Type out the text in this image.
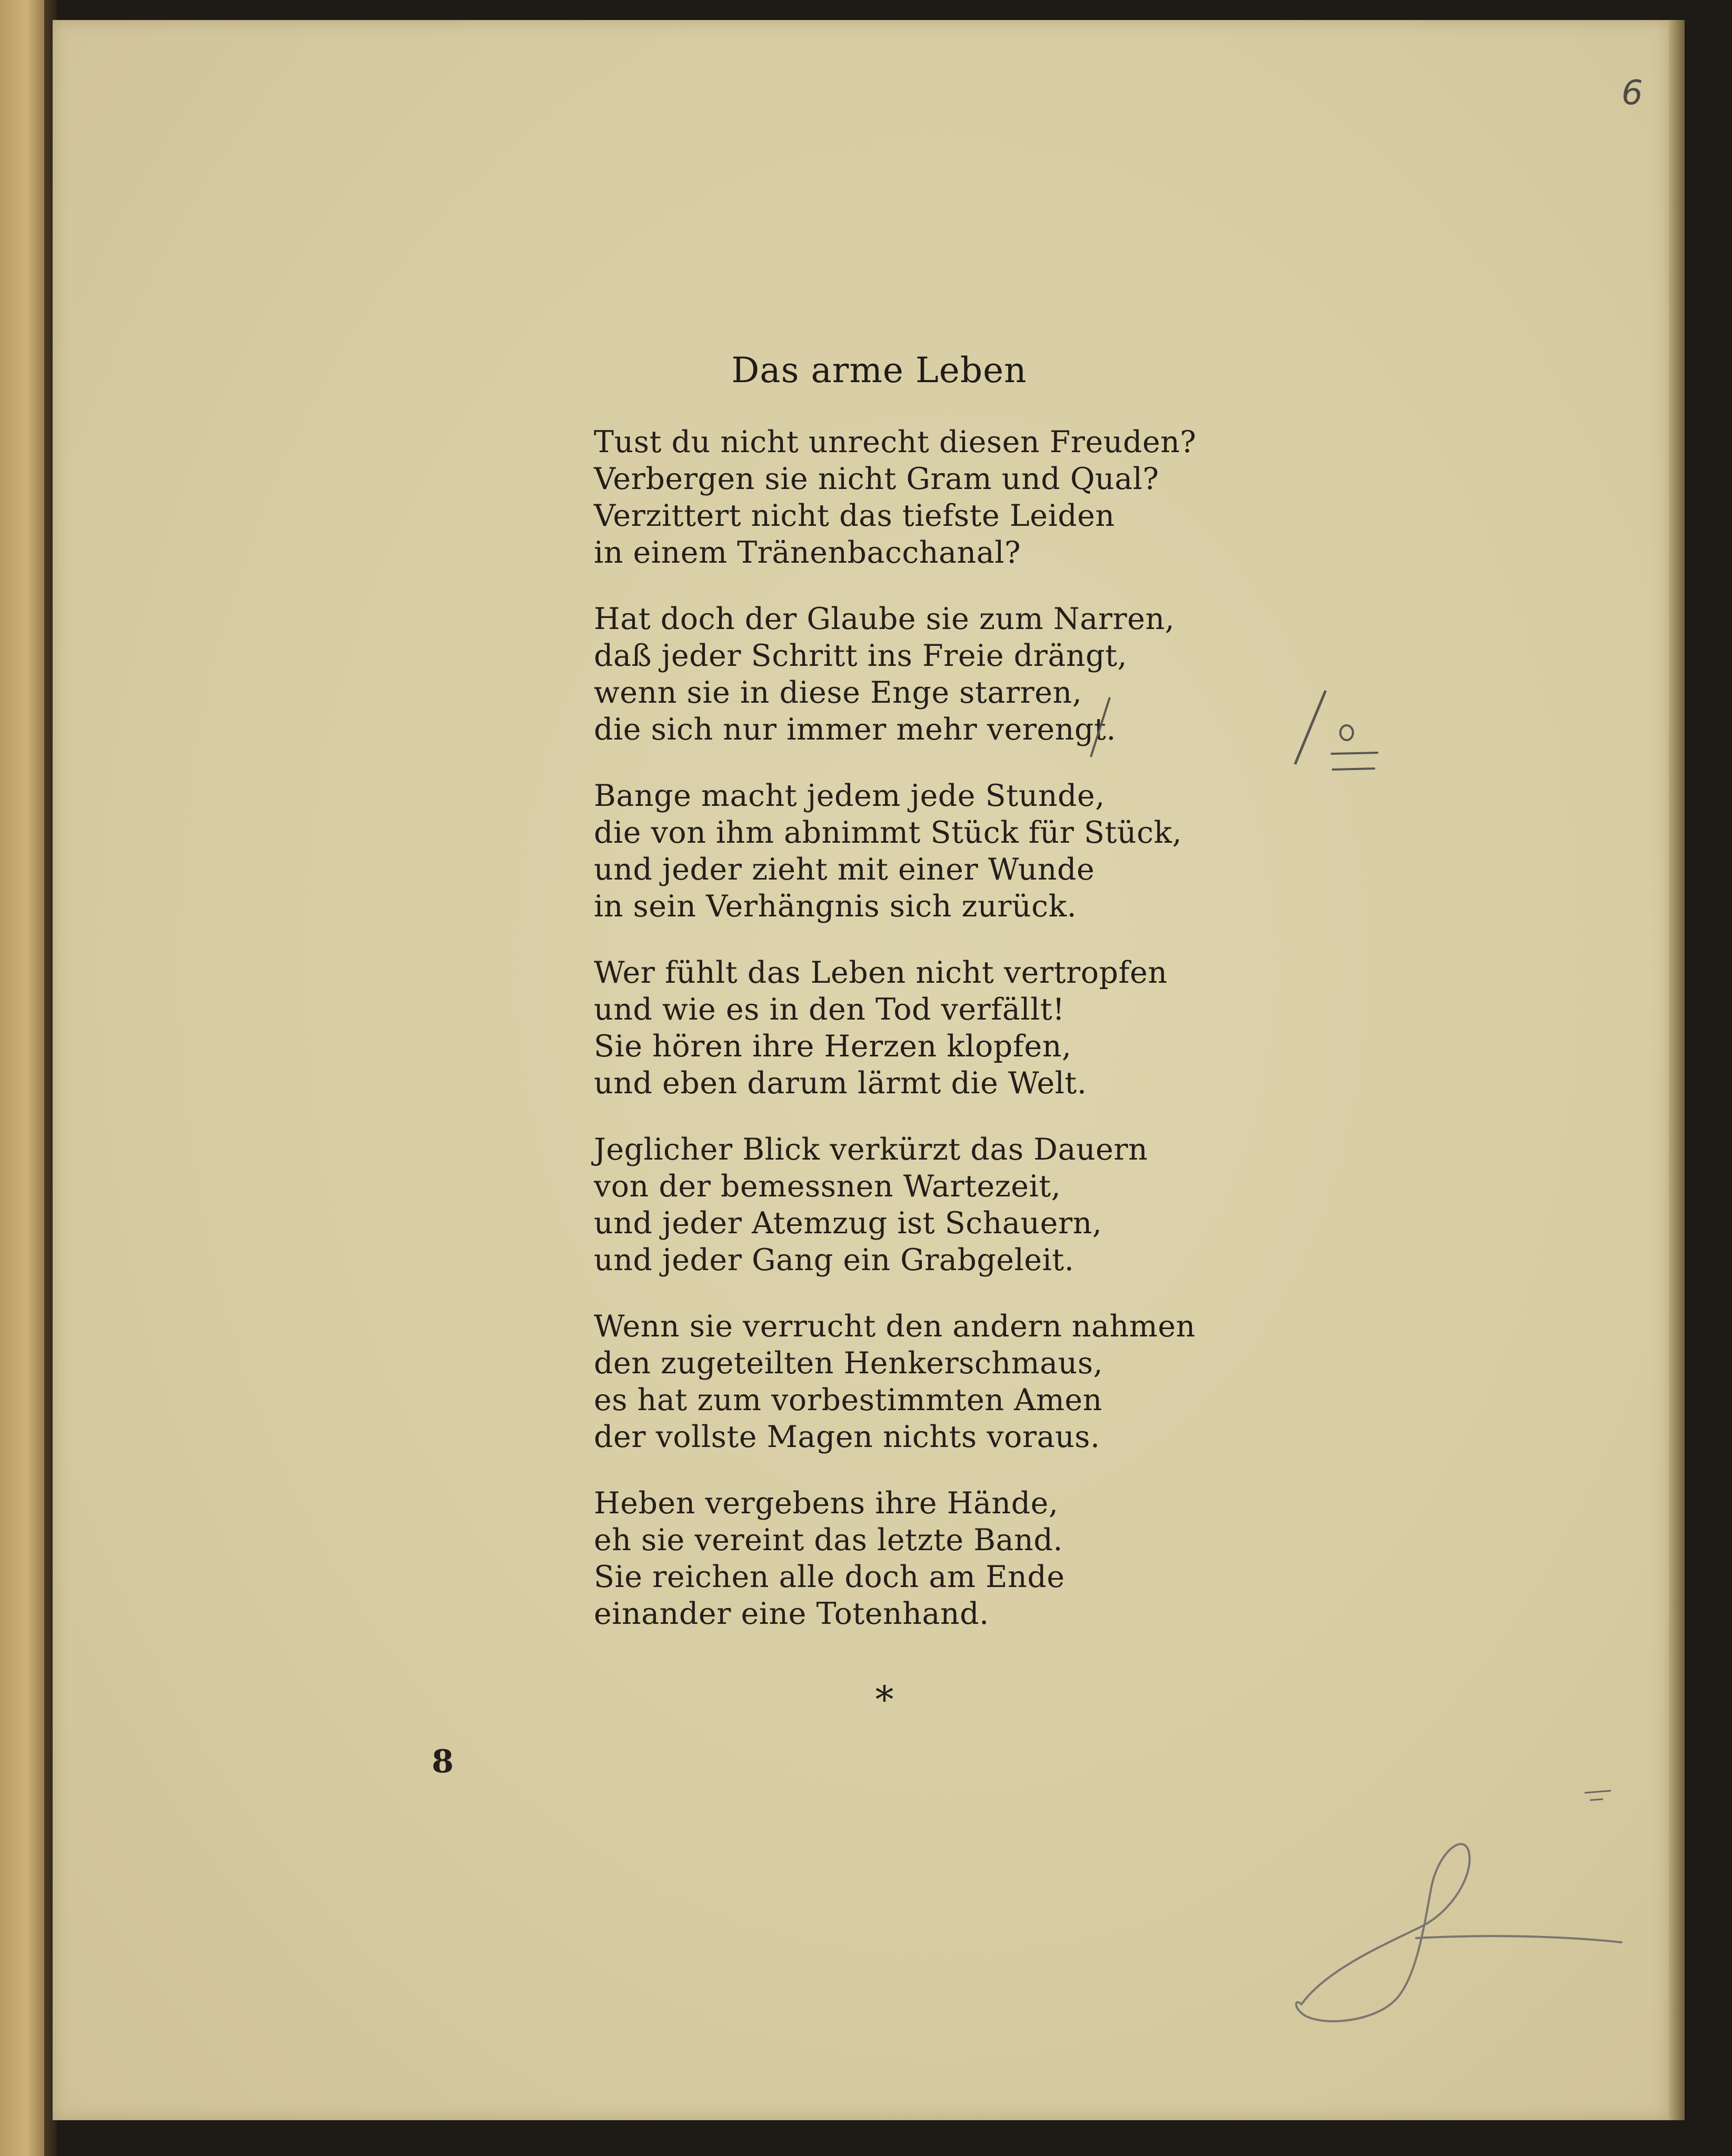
6
Das arme Leben
Tust du nicht unrecht diesen Freuden?
Verbergen sie nicht Gram und Qual?
Verzittert nicht das tiefste Leiden
in einem Tränenbacchanal?
Hat doch der Glaube sie zum Narren,
daß jeder Schritt ins Freie drängt,
wenn sie in diese Enge starren,
die sich nur immer mehr verengt.
Bange macht jedem jede Stunde,
die von ihm abnimmt Stück für Stück,
und jeder zieht mit einer Wunde
in sein Verhängnis sich zurück.
Wer fühlt das Leben nicht vertropfen
und wie es in den Tod verfällt!
Sie hören ihre Herzen klopfen,
und eben darum lärmt die Welt.
Jeglicher Blick verkürzt das Dauern
von der bemessnen Wartezeit,
und jeder Atemzug ist Schauern,
und jeder Gang ein Grabgeleit.
Wenn sie verrucht den andern nahmen
den zugeteilten Henkerschmaus,
es hat zum vorbestimmten Amen
der vollste Magen nichts voraus.
Heben vergebens ihre Hände,
eh sie vereint das letzte Band.
Sie reichen alle doch am Ende
einander eine Totenhand.
*
8
